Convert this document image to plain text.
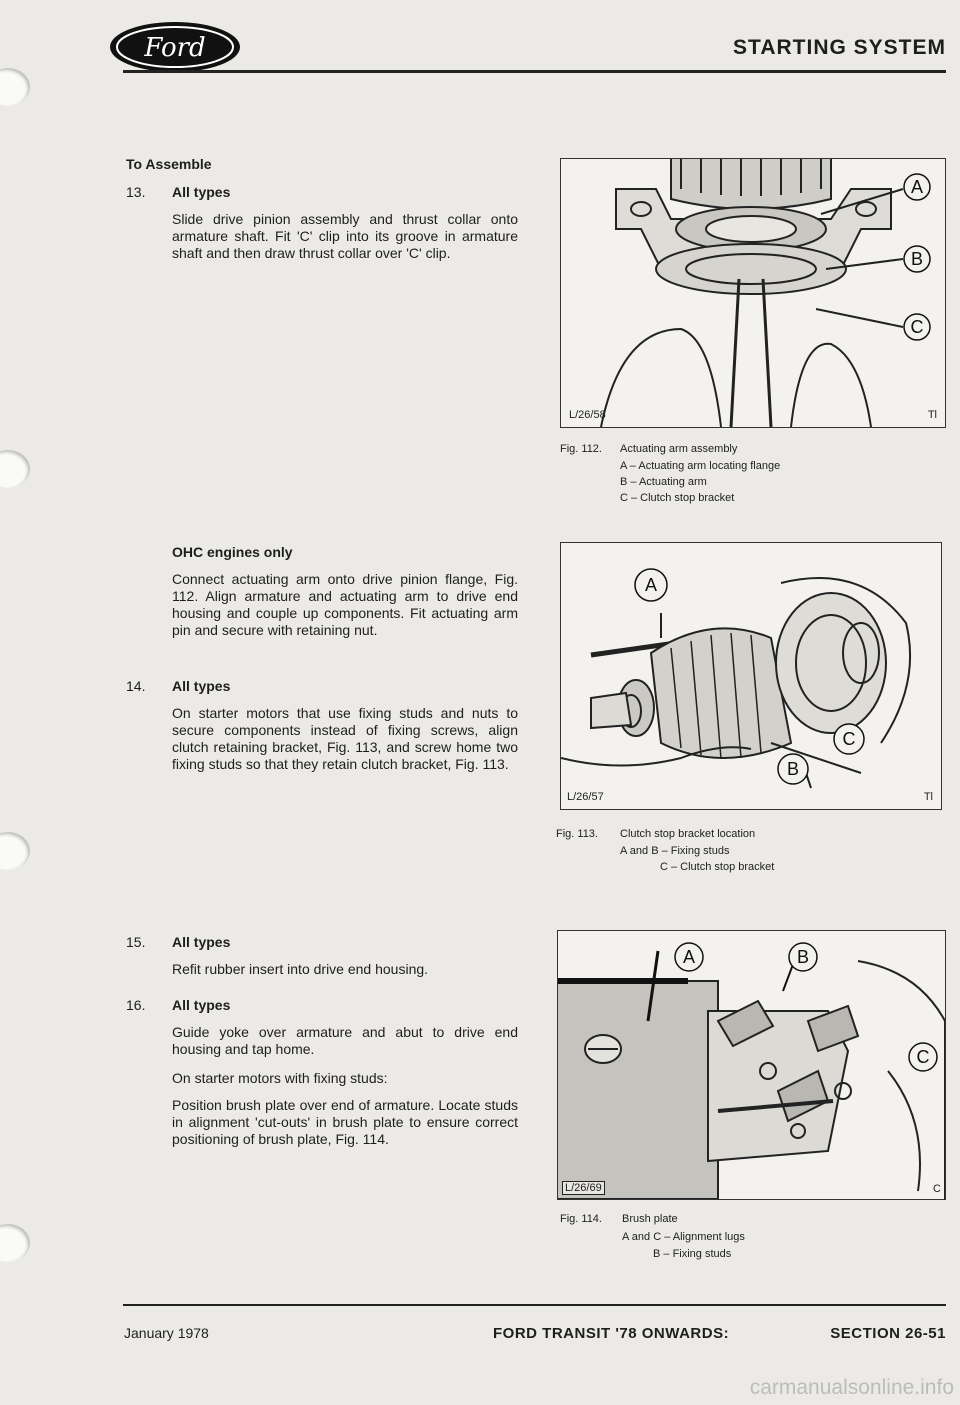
Ford	STARTING SYSTEM
To Assemble
13. All types
Slide drive pinion assembly and thrust collar onto armature shaft. Fit 'C' clip into its groove in armature shaft and then draw thrust collar over 'C' clip.
OHC engines only
Connect actuating arm onto drive pinion flange, Fig. 112. Align armature and actuating arm to drive end housing and couple up components. Fit actuating arm pin and secure with retaining nut.
14. All types
On starter motors that use fixing studs and nuts to secure components instead of fixing screws, align clutch retaining bracket, Fig. 113, and screw home two fixing studs so that they retain clutch bracket, Fig. 113.
15. All types
Refit rubber insert into drive end housing.
16. All types
Guide yoke over armature and abut to drive end housing and tap home.
On starter motors with fixing studs:
Position brush plate over end of armature. Locate studs in alignment 'cut-outs' in brush plate to ensure correct positioning of brush plate, Fig. 114.
A
B
C
L/26/58	Tl
Fig. 112. Actuating arm assembly
A – Actuating arm locating flange
B – Actuating arm
C – Clutch stop bracket
A
B
C
L/26/57	Tl
Fig. 113. Clutch stop bracket location
A and B – Fixing studs
C – Clutch stop bracket
A	B
C
L/26/69	C
Fig. 114. Brush plate
A and C – Alignment lugs
B – Fixing studs
January 1978	FORD TRANSIT '78 ONWARDS:	SECTION 26-51
carmanualsonline.info
